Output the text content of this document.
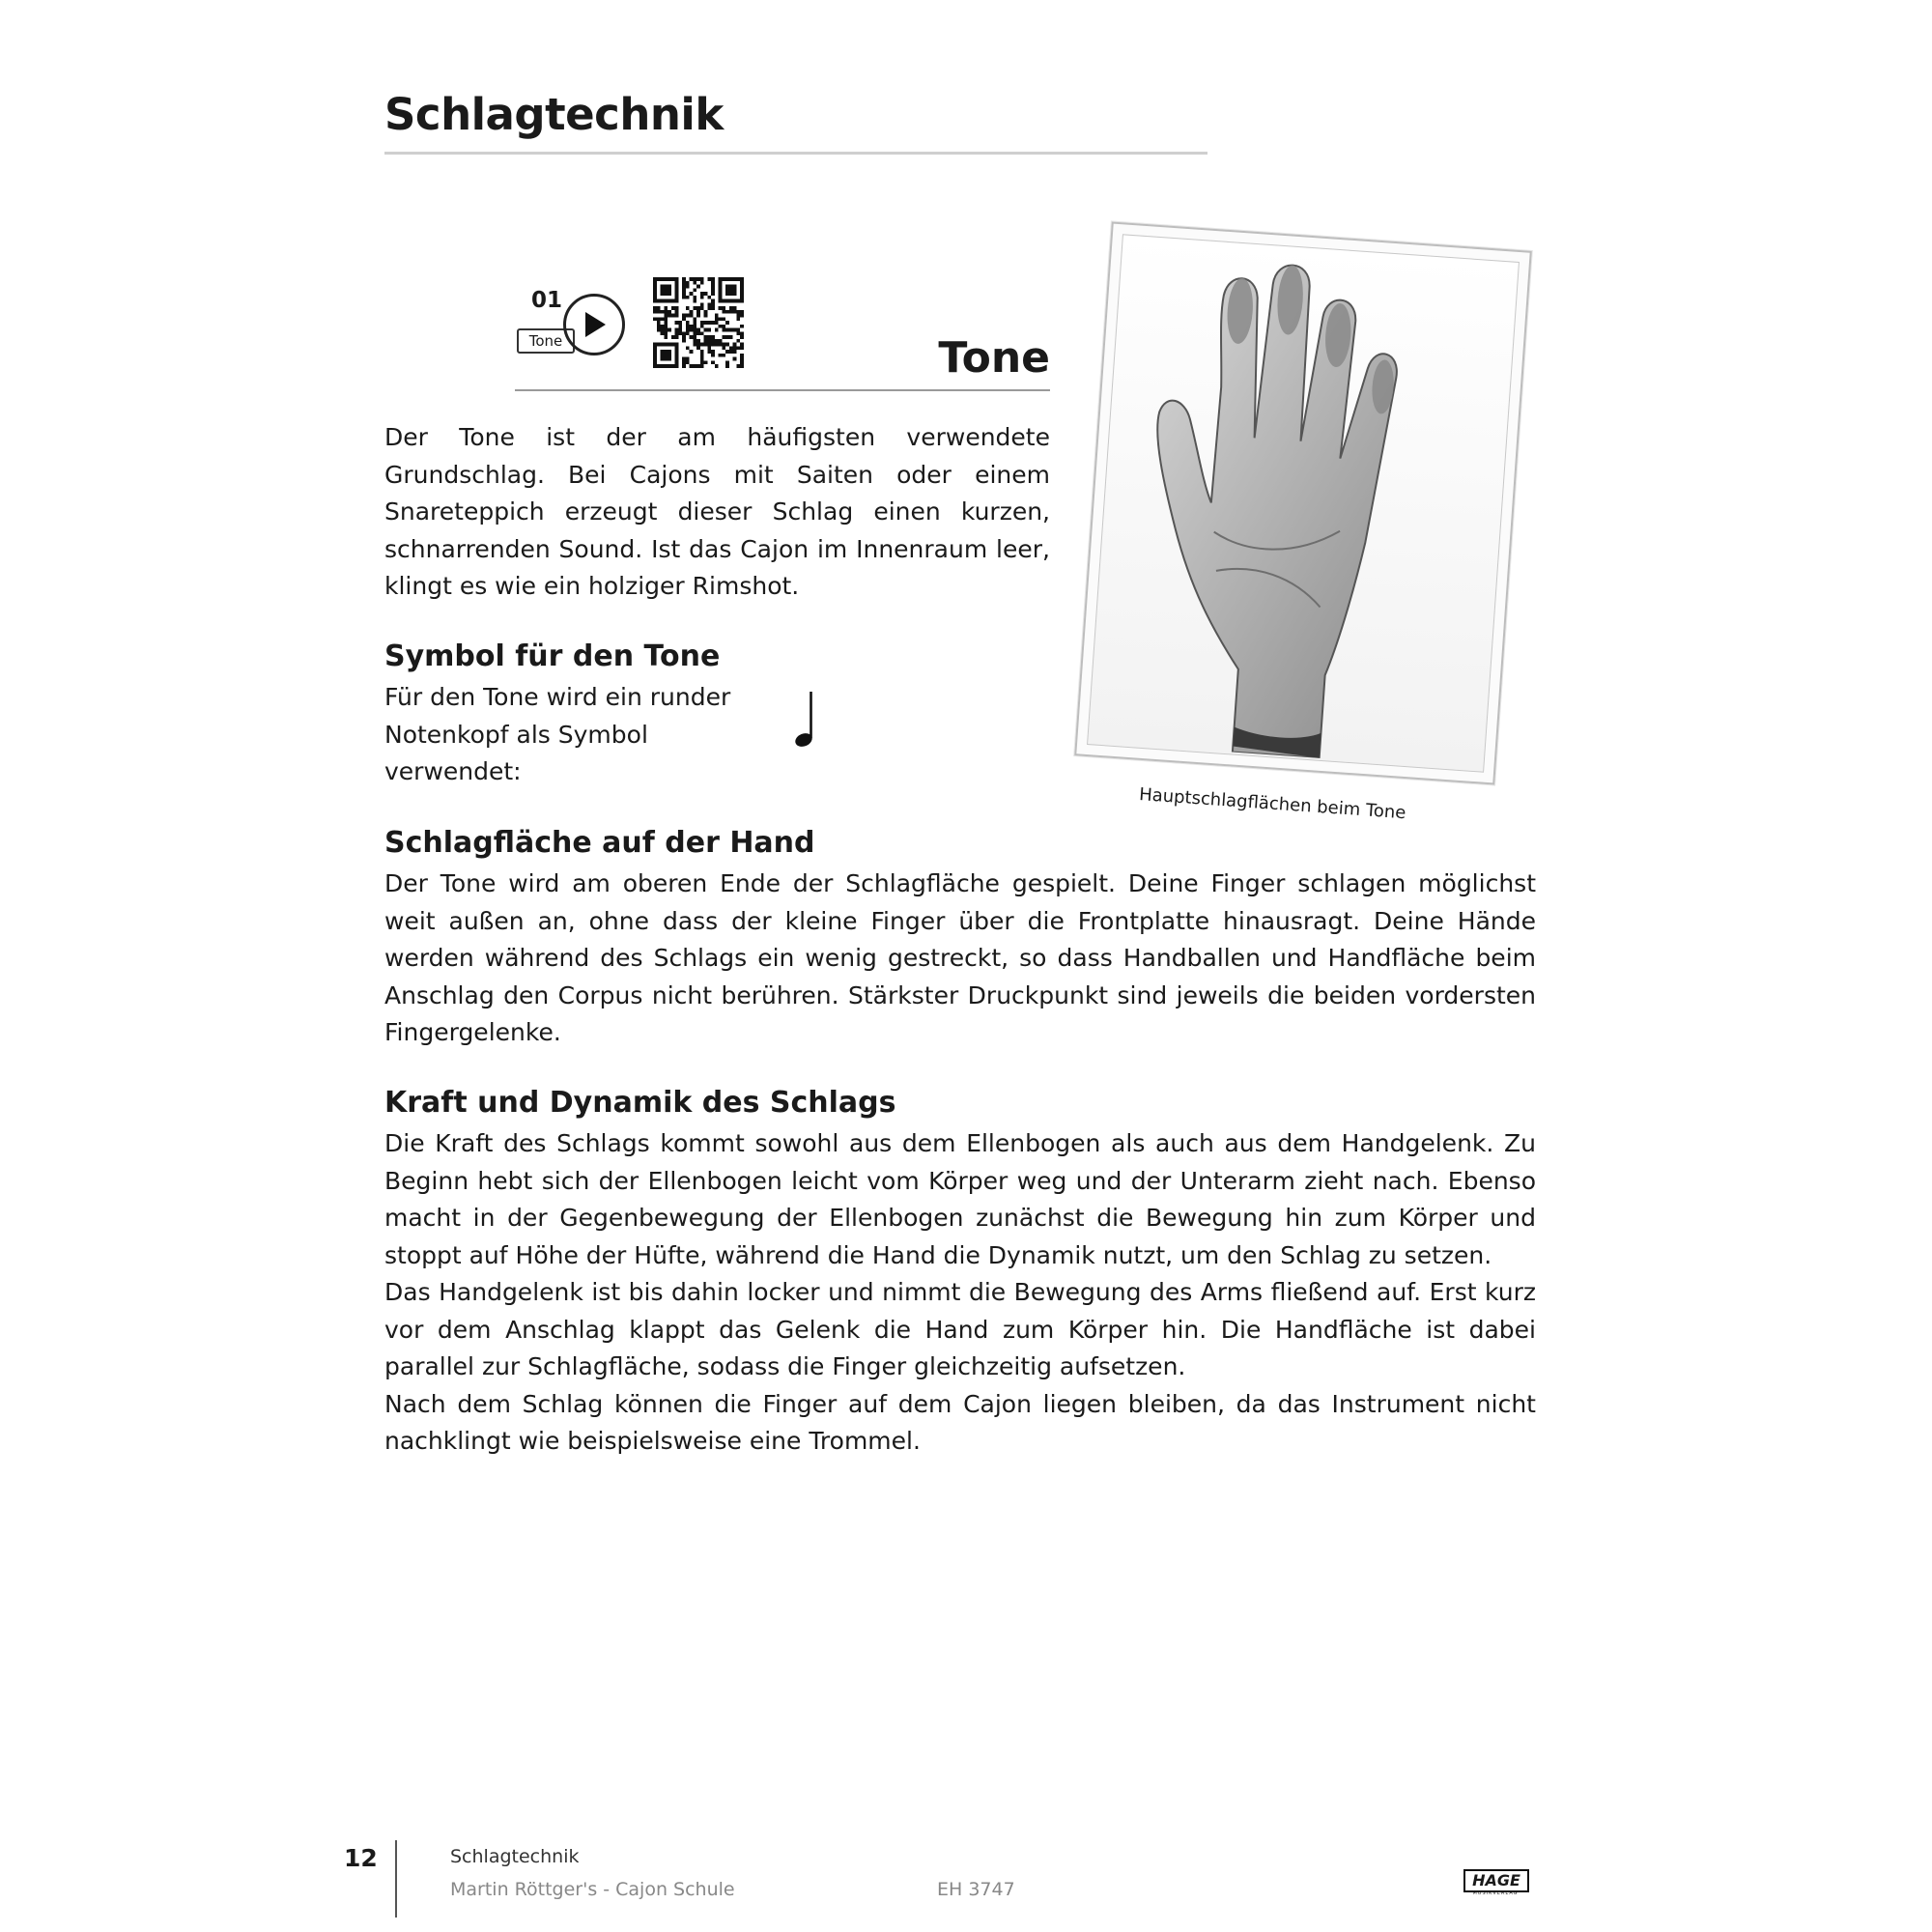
Schlagtechnik
01
Tone	Tone
Der Tone ist der am häufigsten verwendete Grundschlag. Bei Cajons mit Saiten oder einem Snareteppich erzeugt dieser Schlag einen kurzen, schnarrenden Sound. Ist das Cajon im Innenraum leer, klingt es wie ein holziger Rimshot.
Symbol für den Tone
Für den Tone wird ein runder Notenkopf als Symbol verwendet:
Hauptschlagflächen beim Tone
Schlagfläche auf der Hand
Der Tone wird am oberen Ende der Schlagfläche gespielt. Deine Finger schlagen möglichst weit außen an, ohne dass der kleine Finger über die Frontplatte hinausragt. Deine Hände werden während des Schlags ein wenig gestreckt, so dass Handballen und Handfläche beim Anschlag den Corpus nicht berühren. Stärkster Druckpunkt sind jeweils die beiden vordersten Fingergelenke.
Kraft und Dynamik des Schlags
Die Kraft des Schlags kommt sowohl aus dem Ellenbogen als auch aus dem Handgelenk. Zu Beginn hebt sich der Ellenbogen leicht vom Körper weg und der Unterarm zieht nach. Ebenso macht in der Gegenbewegung der Ellenbogen zunächst die Bewegung hin zum Körper und stoppt auf Höhe der Hüfte, während die Hand die Dynamik nutzt, um den Schlag zu setzen.
Das Handgelenk ist bis dahin locker und nimmt die Bewegung des Arms fließend auf. Erst kurz vor dem Anschlag klappt das Gelenk die Hand zum Körper hin. Die Handfläche ist dabei parallel zur Schlagfläche, sodass die Finger gleichzeitig aufsetzen.
Nach dem Schlag können die Finger auf dem Cajon liegen bleiben, da das Instrument nicht nachklingt wie beispielsweise eine Trommel.
12	Schlagtechnik
Martin Röttger's - Cajon Schule	EH 3747	HAGE
MUSIKVERLAG
